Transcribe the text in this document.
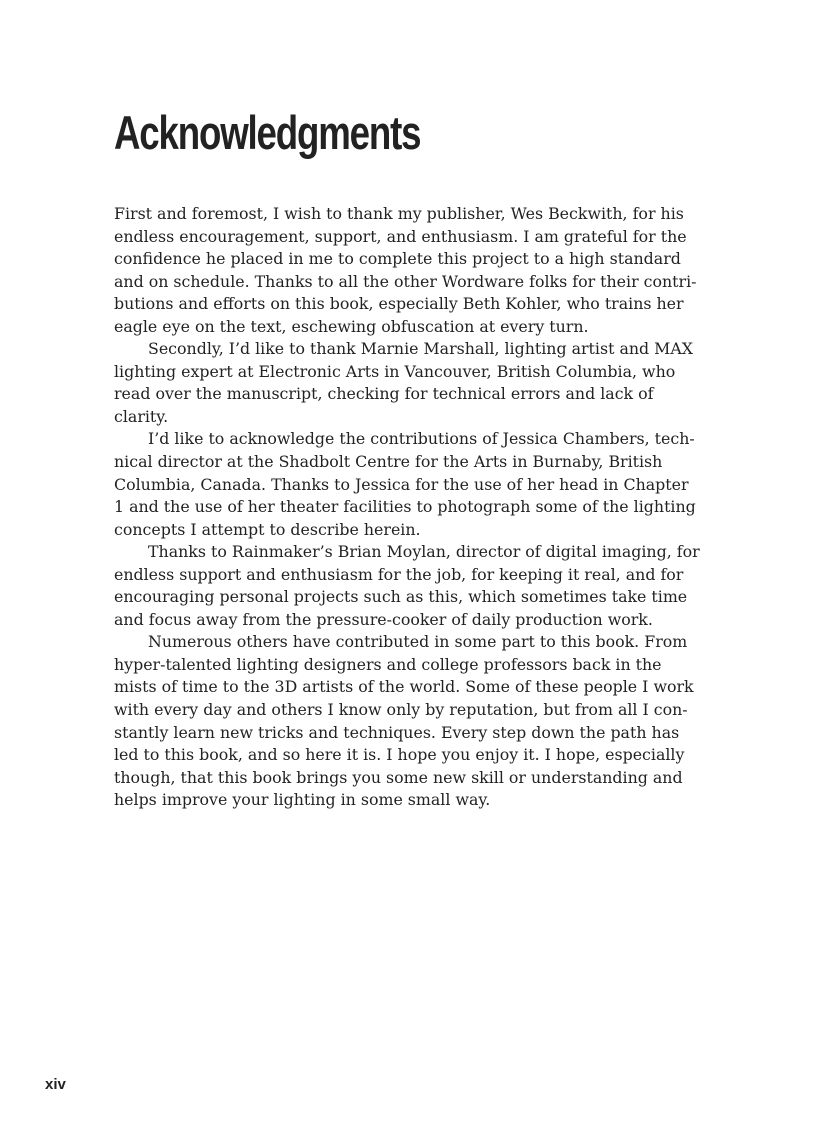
Acknowledgments
First and foremost, I wish to thank my publisher, Wes Beckwith, for his
endless encouragement, support, and enthusiasm. I am grateful for the
confidence he placed in me to complete this project to a high standard
and on schedule. Thanks to all the other Wordware folks for their contri-
butions and efforts on this book, especially Beth Kohler, who trains her
eagle eye on the text, eschewing obfuscation at every turn.
Secondly, I’d like to thank Marnie Marshall, lighting artist and MAX
lighting expert at Electronic Arts in Vancouver, British Columbia, who
read over the manuscript, checking for technical errors and lack of
clarity.
I’d like to acknowledge the contributions of Jessica Chambers, tech-
nical director at the Shadbolt Centre for the Arts in Burnaby, British
Columbia, Canada. Thanks to Jessica for the use of her head in Chapter
1 and the use of her theater facilities to photograph some of the lighting
concepts I attempt to describe herein.
Thanks to Rainmaker’s Brian Moylan, director of digital imaging, for
endless support and enthusiasm for the job, for keeping it real, and for
encouraging personal projects such as this, which sometimes take time
and focus away from the pressure-cooker of daily production work.
Numerous others have contributed in some part to this book. From
hyper-talented lighting designers and college professors back in the
mists of time to the 3D artists of the world. Some of these people I work
with every day and others I know only by reputation, but from all I con-
stantly learn new tricks and techniques. Every step down the path has
led to this book, and so here it is. I hope you enjoy it. I hope, especially
though, that this book brings you some new skill or understanding and
helps improve your lighting in some small way.
xiv
